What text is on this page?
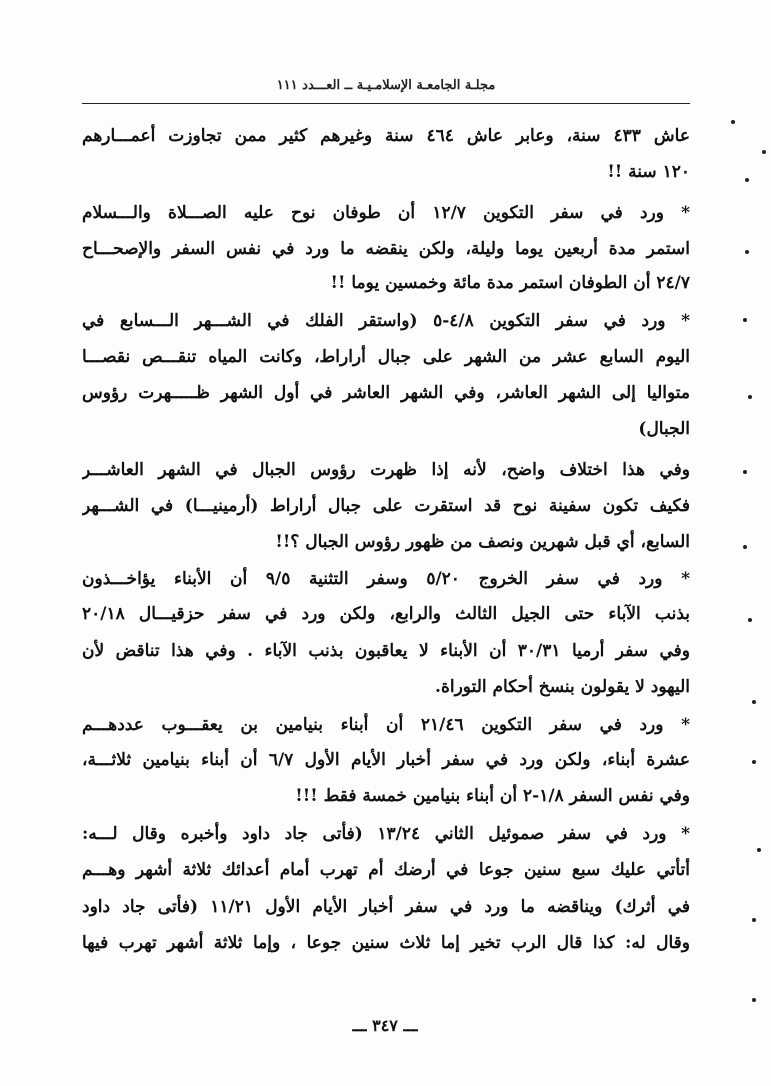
مجلـة الجامعـة الإسلامـيـة ــ العـــدد ١١١
عاش ٤٣٣ سنة، وعابر عاش ٤٦٤ سنة وغيرهم كثير ممن تجاوزت أعمـــارهم
١٢٠ سنة !!
* ورد في سفر التكوين ١٢/٧ أن طوفان نوح عليه الصـــلاة والـــسلام
استمر مدة أربعين يوما وليلة، ولكن ينقضه ما ورد في نفس السفر والإصحـــاح
٢٤/٧ أن الطوفان استمر مدة مائة وخمسين يوما !!
* ورد في سفر التكوين ٤/٨-٥ (واستقر الفلك في الشـــهر الـــسابع في
اليوم السابع عشر من الشهر على جبال أراراط، وكانت المياه تنقـــص نقصـــا
متواليا إلى الشهر العاشر، وفي الشهر العاشر في أول الشهر ظـــــهرت رؤوس
الجبال)
وفي هذا اختلاف واضح، لأنه إذا ظهرت رؤوس الجبال في الشهر العاشـــر
فكيف تكون سفينة نوح قد استقرت على جبال أراراط (أرمينيـــا) في الشـــهر
السابع، أي قبل شهرين ونصف من ظهور رؤوس الجبال ؟!!
* ورد في سفر الخروج ٥/٢٠ وسفر التثنية ٩/٥ أن الأبناء يؤاخـــذون
بذنب الآباء حتى الجيل الثالث والرابع، ولكن ورد في سفر حزقيـــال ٢٠/١٨
وفي سفر أرميا ٣٠/٣١ أن الأبناء لا يعاقبون بذنب الآباء . وفي هذا تناقض لأن
اليهود لا يقولون بنسخ أحكام التوراة.
* ورد في سفر التكوين ٢١/٤٦ أن أبناء بنيامين بن يعقـــوب عددهـــم
عشرة أبناء، ولكن ورد في سفر أخبار الأيام الأول ٦/٧ أن أبناء بنيامين ثلاثـــة،
وفي نفس السفر ١/٨-٢ أن أبناء بنيامين خمسة فقط !!!
* ورد في سفر صموئيل الثاني ١٣/٢٤ (فأتى جاد داود وأخبره وقال لـــه:
أتأتي عليك سبع سنين جوعا في أرضك أم تهرب أمام أعدائك ثلاثة أشهر وهـــم
في أثرك) ويناقضه ما ورد في سفر أخبار الأيام الأول ١١/٢١ (فأتى جاد داود
وقال له: كذا قال الرب تخير إما ثلاث سنين جوعا ، وإما ثلاثة أشهر تهرب فيها
ـــ ٣٤٧ ـــ
